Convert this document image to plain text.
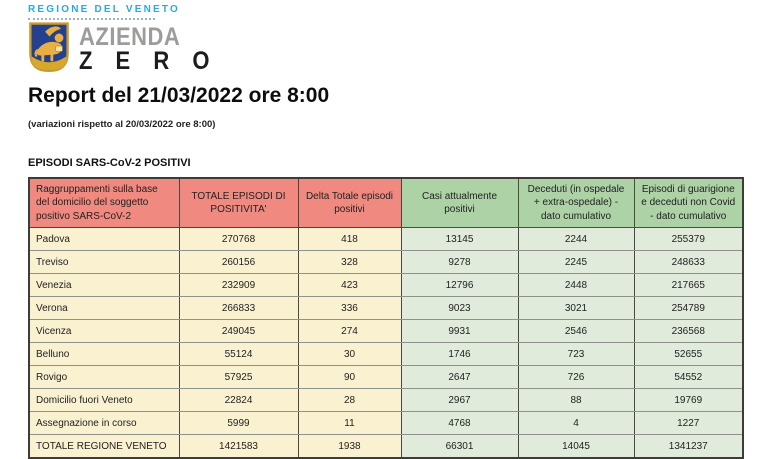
REGIONE DEL VENETO
AZIENDA
Z E R O
Report del 21/03/2022 ore 8:00
(variazioni rispetto al 20/03/2022 ore 8:00)
EPISODI SARS-CoV-2 POSITIVI
Raggruppamenti sulla base del domicilio del soggetto positivo SARS-CoV-2	TOTALE EPISODI DI POSITIVITA'	Delta Totale episodi positivi	Casi attualmente positivi	Deceduti (in ospedale + extra-ospedale) -dato cumulativo	Episodi di guarigione e deceduti non Covid - dato cumulativo
Padova	270768	418	13145	2244	255379
Treviso	260156	328	9278	2245	248633
Venezia	232909	423	12796	2448	217665
Verona	266833	336	9023	3021	254789
Vicenza	249045	274	9931	2546	236568
Belluno	55124	30	1746	723	52655
Rovigo	57925	90	2647	726	54552
Domicilio fuori Veneto	22824	28	2967	88	19769
Assegnazione in corso	5999	11	4768	4	1227
TOTALE REGIONE VENETO	1421583	1938	66301	14045	1341237
